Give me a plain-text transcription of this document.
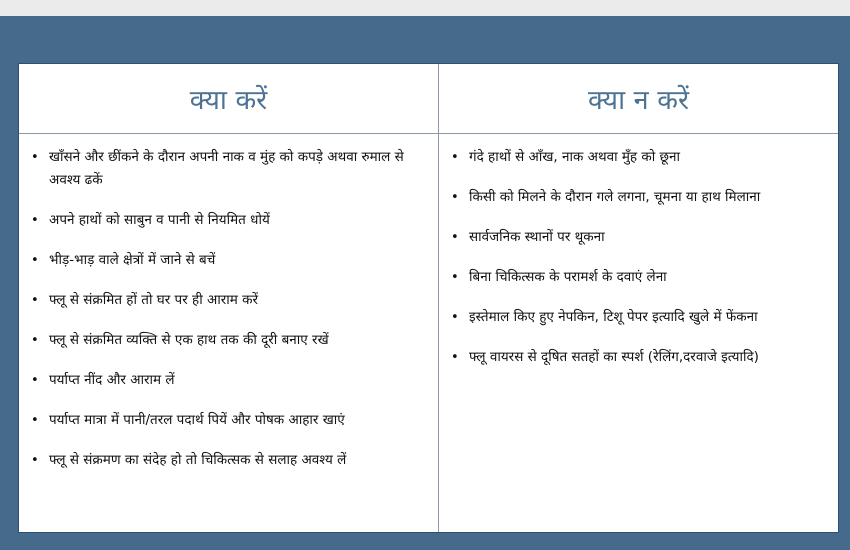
क्या करें
• खाँसने और छींकने के दौरान अपनी नाक व मुंह को कपड़े अथवा रुमाल से अवश्य ढकें
• अपने हाथों को साबुन व पानी से नियमित धोयें
• भीड़-भाड़ वाले क्षेत्रों में जाने से बचें
• फ्लू से संक्रमित हों तो घर पर ही आराम करें
• फ्लू से संक्रमित व्यक्ति से एक हाथ तक की दूरी बनाए रखें
• पर्याप्त नींद और आराम लें
• पर्याप्त मात्रा में पानी/तरल पदार्थ पियें और पोषक आहार खाएं
• फ्लू से संक्रमण का संदेह हो तो चिकित्सक से सलाह अवश्य लें
क्या न करें
• गंदे हाथों से आँख, नाक अथवा मुँह को छूना
• किसी को मिलने के दौरान गले लगना, चूमना या हाथ मिलाना
• सार्वजनिक स्थानों पर थूकना
• बिना चिकित्सक के परामर्श के दवाएं लेना
• इस्तेमाल किए हुए नेपकिन, टिशू पेपर इत्यादि खुले में फेंकना
• फ्लू वायरस से दूषित सतहों का स्पर्श (रेलिंग,दरवाजे इत्यादि)
